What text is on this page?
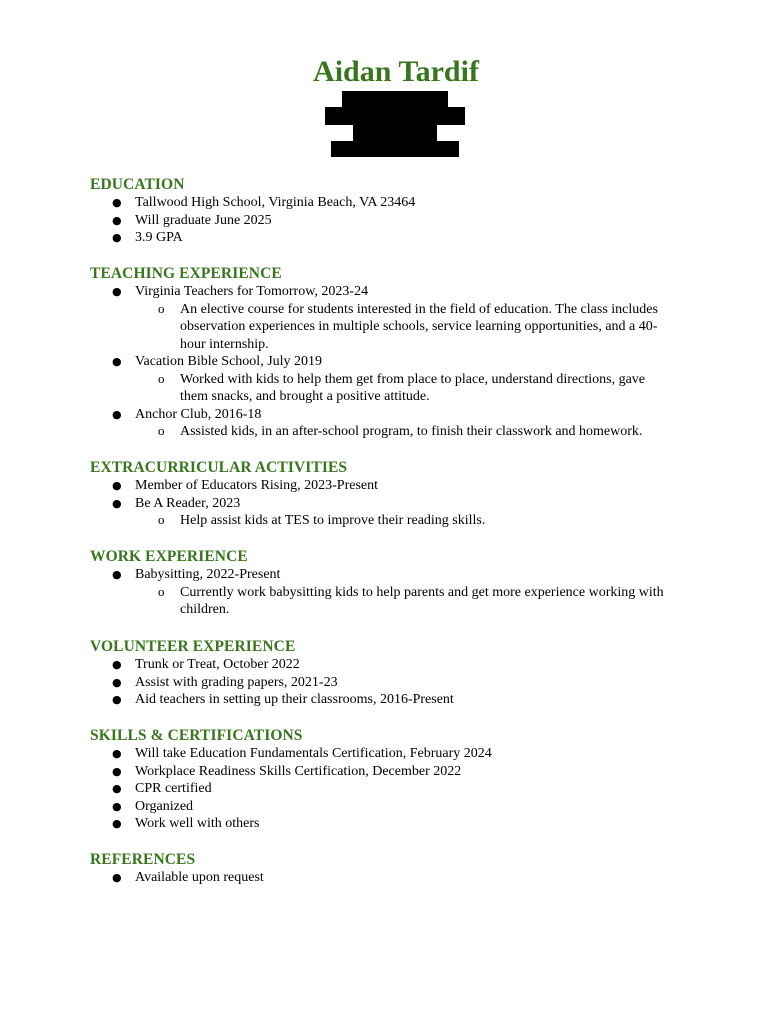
Aidan Tardif
EDUCATION
● Tallwood High School, Virginia Beach, VA 23464
● Will graduate June 2025
● 3.9 GPA
TEACHING EXPERIENCE
● Virginia Teachers for Tomorrow, 2023-24
o An elective course for students interested in the field of education. The class includes observation experiences in multiple schools, service learning opportunities, and a 40-hour internship.
● Vacation Bible School, July 2019
o Worked with kids to help them get from place to place, understand directions, gave them snacks, and brought a positive attitude.
● Anchor Club, 2016-18
o Assisted kids, in an after-school program, to finish their classwork and homework.
EXTRACURRICULAR ACTIVITIES
● Member of Educators Rising, 2023-Present
● Be A Reader, 2023
o Help assist kids at TES to improve their reading skills.
WORK EXPERIENCE
● Babysitting, 2022-Present
o Currently work babysitting kids to help parents and get more experience working with children.
VOLUNTEER EXPERIENCE
● Trunk or Treat, October 2022
● Assist with grading papers, 2021-23
● Aid teachers in setting up their classrooms, 2016-Present
SKILLS & CERTIFICATIONS
● Will take Education Fundamentals Certification, February 2024
● Workplace Readiness Skills Certification, December 2022
● CPR certified
● Organized
● Work well with others
REFERENCES
● Available upon request
